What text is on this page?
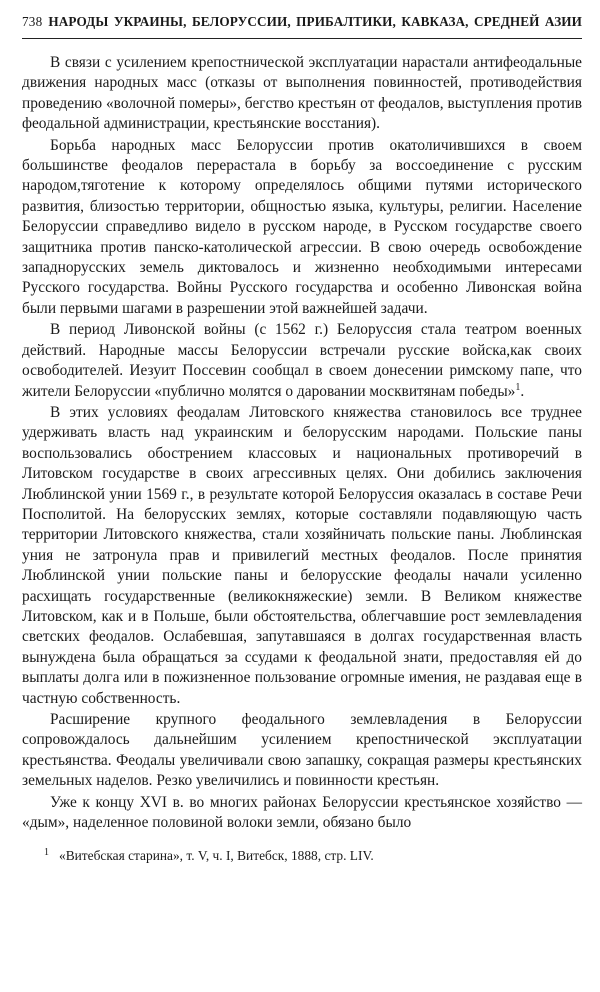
738 НАРОДЫ УКРАИНЫ, БЕЛОРУССИИ, ПРИБАЛТИКИ, КАВКАЗА, СРЕДНЕЙ АЗИИ

В связи с усилением крепостнической эксплуатации нарастали антифеодальные движения народных масс (отказы от выполнения повинностей, противодействия проведению «волочной померы», бегство крестьян от феодалов, выступления против феодальной администрации, крестьянские восстания).

Борьба народных масс Белоруссии против окатоличившихся в своем большинстве феодалов перерастала в борьбу за воссоединение с русским народом,тяготение к которому определялось общими путями исторического развития, близостью территории, общностью языка, культуры, религии. Население Белоруссии справедливо видело в русском народе, в Русском государстве своего защитника против панско-католической агрессии. В свою очередь освобождение западнорусских земель диктовалось и жизненно необходимыми интересами Русского государства. Войны Русского государства и особенно Ливонская война были первыми шагами в разрешении этой важнейшей задачи.

В период Ливонской войны (с 1562 г.) Белоруссия стала театром военных действий. Народные массы Белоруссии встречали русские войска,как своих освободителей. Иезуит Поссевин сообщал в своем донесении римскому папе, что жители Белоруссии «публично молятся о даровании москвитянам победы»$^1$.

В этих условиях феодалам Литовского княжества становилось все труднее удерживать власть над украинским и белорусским народами. Польские паны воспользовались обострением классовых и национальных противоречий в Литовском государстве в своих агрессивных целях. Они добились заключения Люблинской унии 1569 г., в результате которой Белоруссия оказалась в составе Речи Посполитой. На белорусских землях, которые составляли подавляющую часть территории Литовского княжества, стали хозяйничать польские паны. Люблинская уния не затронула прав и привилегий местных феодалов. После принятия Люблинской унии польские паны и белорусские феодалы начали усиленно расхищать государственные (великокняжеские) земли. В Великом княжестве Литовском, как и в Польше, были обстоятельства, облегчавшие рост землевладения светских феодалов. Ослабевшая, запутавшаяся в долгах государственная власть вынуждена была обращаться за ссудами к феодальной знати, предоставляя ей до выплаты долга или в пожизненное пользование огромные имения, не раздавая еще в частную собственность.

Расширение крупного феодального землевладения в Белоруссии сопровождалось дальнейшим усилением крепостнической эксплуатации крестьянства. Феодалы увеличивали свою запашку, сокращая размеры крестьянских земельных наделов. Резко увеличились и повинности крестьян.

Уже к концу XVI в. во многих районах Белоруссии крестьянское хозяйство — «дым», наделенное половиной волоки земли, обязано было

$^1$ «Витебская старина», т. V, ч. I, Витебск, 1888, стр. LIV.
